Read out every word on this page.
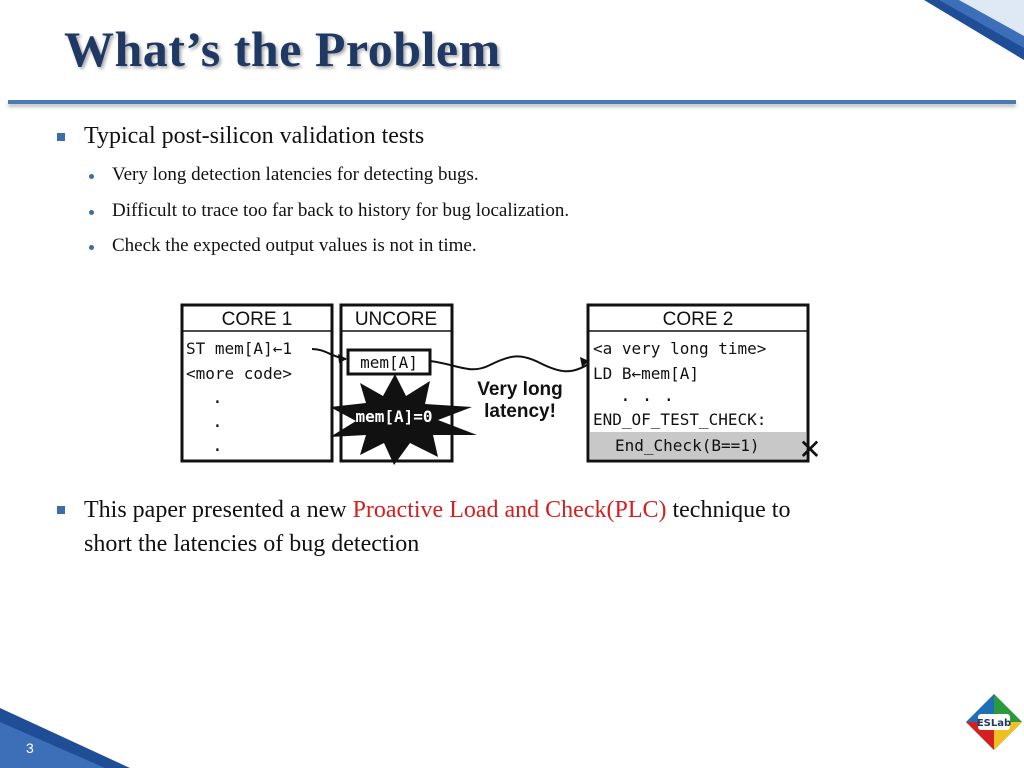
What’s the Problem
Typical post-silicon validation tests
Very long detection latencies for detecting bugs.
Difficult to trace too far back to history for bug localization.
Check the expected output values is not in time.
CORE 1
ST mem[A]←1
<more code>
.
.
.
UNCORE
mem[A]
mem[A]=0
Very long
latency!
CORE 2
<a very long time>
LD B←mem[A]
. . .
END_OF_TEST_CHECK:
End_Check(B==1) ✕
This paper presented a new Proactive Load and Check(PLC) technique to
short the latencies of bug detection
3
ESLab
